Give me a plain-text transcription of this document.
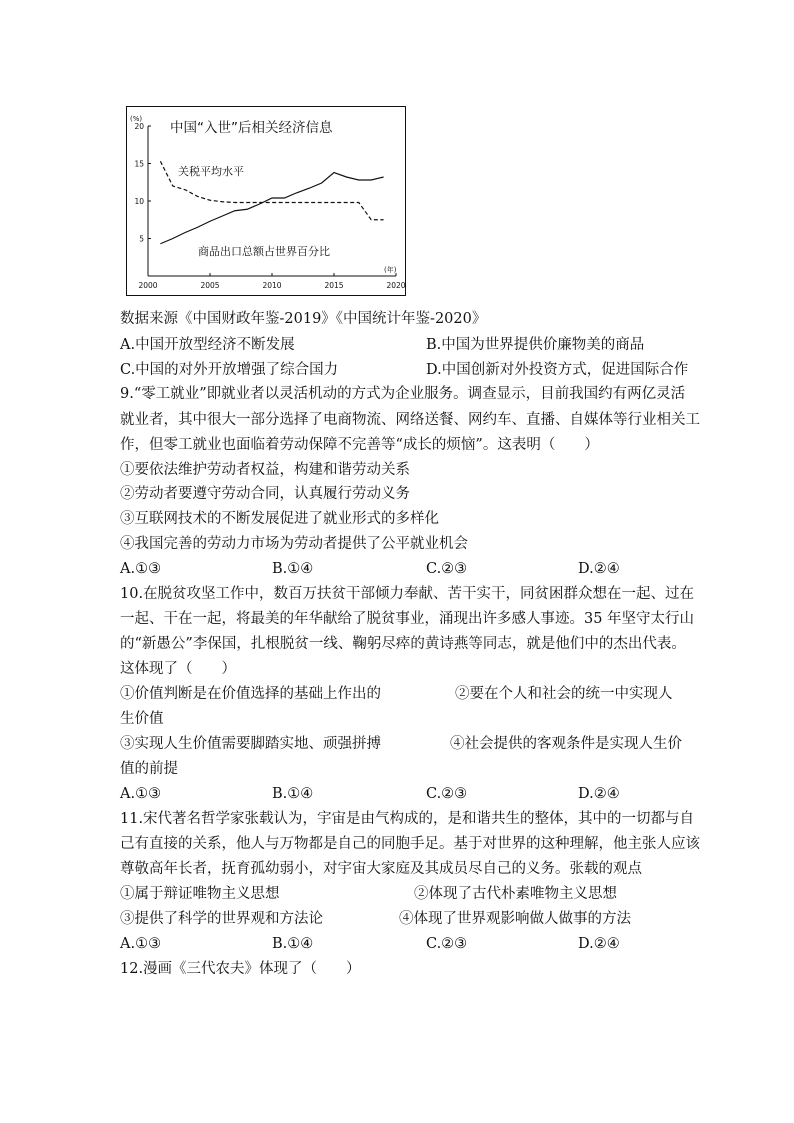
2000	2005	2010	2015	2020
5
10
15
20
(%)
(年)
关税平均水平
商品出口总额占世界百分比
中国“入世”后相关经济信息
数据来源《中国财政年鉴-2019》《中国统计年鉴-2020》
A.中国开放型经济不断发展	B.中国为世界提供价廉物美的商品
C.中国的对外开放增强了综合国力	D.中国创新对外投资方式，促进国际合作
9.“零工就业”即就业者以灵活机动的方式为企业服务。调查显示，目前我国约有两亿灵活
就业者，其中很大一部分选择了电商物流、网络送餐、网约车、直播、自媒体等行业相关工
作，但零工就业也面临着劳动保障不完善等“成长的烦恼”。这表明（　　）
①要依法维护劳动者权益，构建和谐劳动关系
②劳动者要遵守劳动合同，认真履行劳动义务
③互联网技术的不断发展促进了就业形式的多样化
④我国完善的劳动力市场为劳动者提供了公平就业机会
A.①③	B.①④	C.②③	D.②④
10.在脱贫攻坚工作中，数百万扶贫干部倾力奉献、苦干实干，同贫困群众想在一起、过在
一起、干在一起，将最美的年华献给了脱贫事业，涌现出许多感人事迹。35 年坚守太行山
的“新愚公”李保国，扎根脱贫一线、鞠躬尽瘁的黄诗燕等同志，就是他们中的杰出代表。
这体现了（　　）
①价值判断是在价值选择的基础上作出的	②要在个人和社会的统一中实现人
生价值
③实现人生价值需要脚踏实地、顽强拼搏	④社会提供的客观条件是实现人生价
值的前提
A.①③	B.①④	C.②③	D.②④
11.宋代著名哲学家张载认为，宇宙是由气构成的，是和谐共生的整体，其中的一切都与自
己有直接的关系，他人与万物都是自己的同胞手足。基于对世界的这种理解，他主张人应该
尊敬高年长者，抚育孤幼弱小，对宇宙大家庭及其成员尽自己的义务。张载的观点
①属于辩证唯物主义思想	②体现了古代朴素唯物主义思想
③提供了科学的世界观和方法论	④体现了世界观影响做人做事的方法
A.①③	B.①④	C.②③	D.②④
12.漫画《三代农夫》体现了（　　）
